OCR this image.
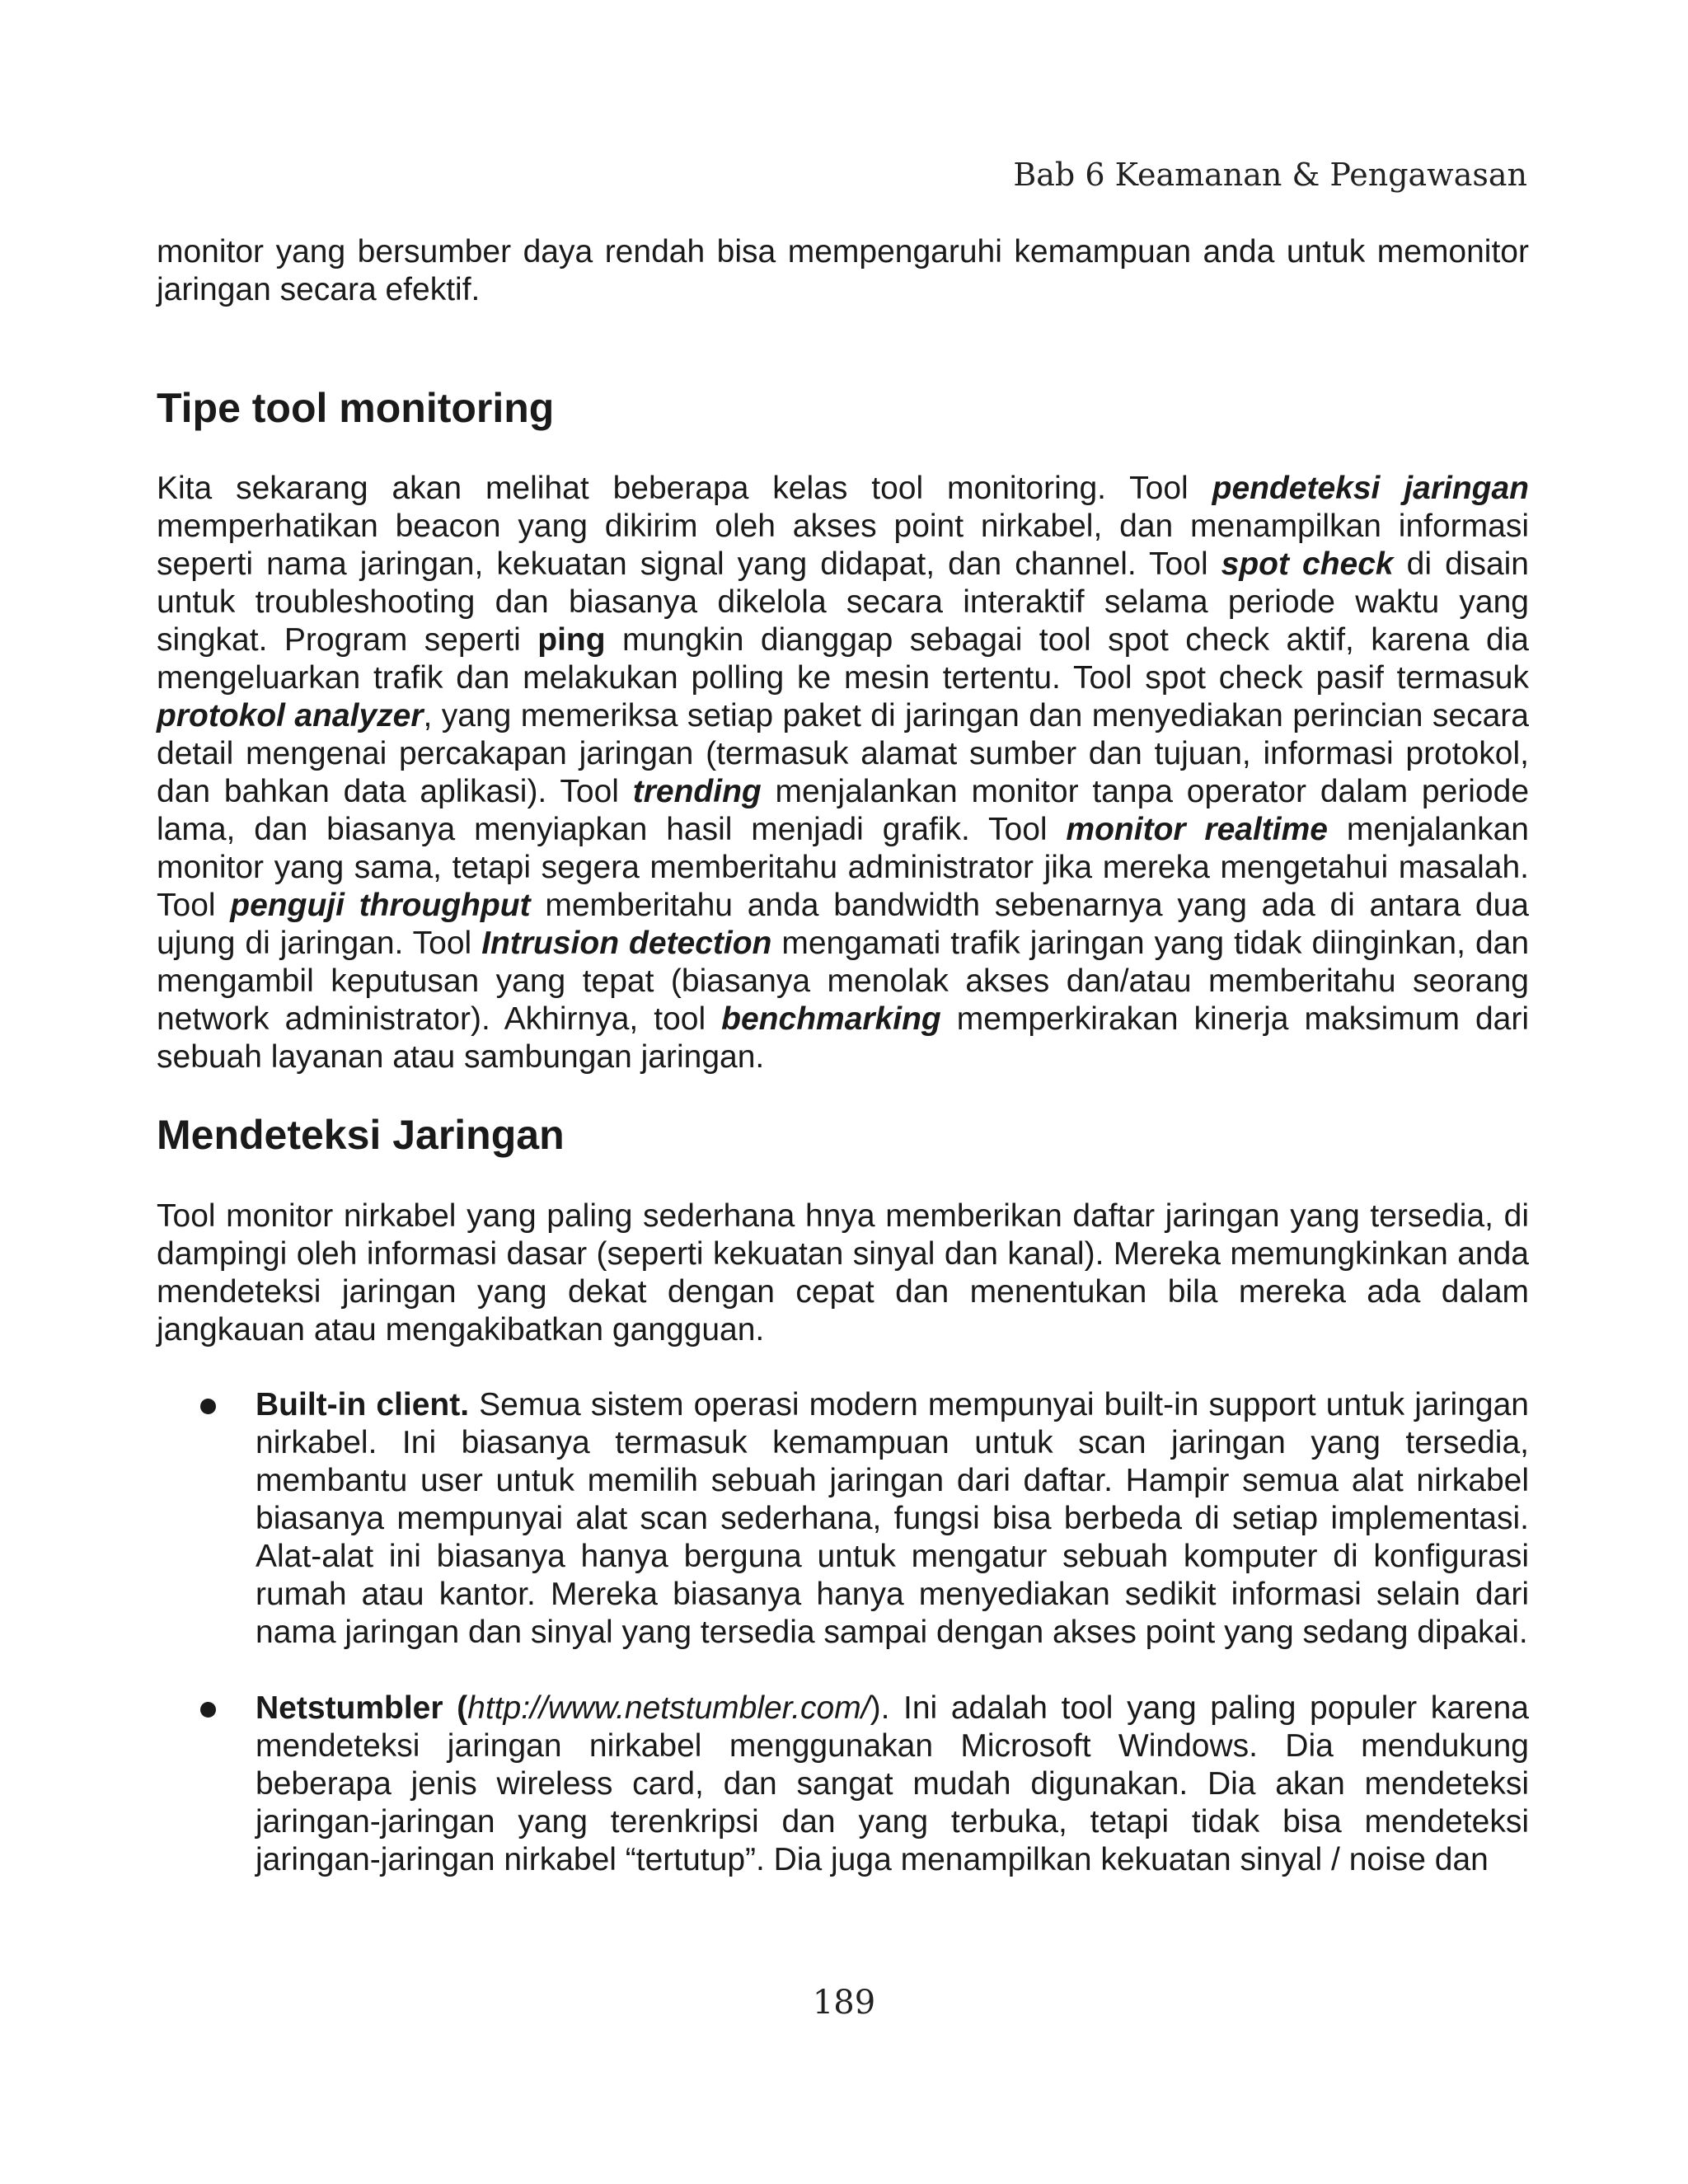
Bab 6 Keamanan & Pengawasan

monitor yang bersumber daya rendah bisa mempengaruhi kemampuan anda untuk memonitor jaringan secara efektif.

Tipe tool monitoring

Kita sekarang akan melihat beberapa kelas tool monitoring. Tool pendeteksi jaringan memperhatikan beacon yang dikirim oleh akses point nirkabel, dan menampilkan informasi seperti nama jaringan, kekuatan signal yang didapat, dan channel. Tool spot check di disain untuk troubleshooting dan biasanya dikelola secara interaktif selama periode waktu yang singkat. Program seperti ping mungkin dianggap sebagai tool spot check aktif, karena dia mengeluarkan trafik dan melakukan polling ke mesin tertentu. Tool spot check pasif termasuk protokol analyzer, yang memeriksa setiap paket di jaringan dan menyediakan perincian secara detail mengenai percakapan jaringan (termasuk alamat sumber dan tujuan, informasi protokol, dan bahkan data aplikasi). Tool trending menjalankan monitor tanpa operator dalam periode lama, dan biasanya menyiapkan hasil menjadi grafik. Tool monitor realtime menjalankan monitor yang sama, tetapi segera memberitahu administrator jika mereka mengetahui masalah. Tool penguji throughput memberitahu anda bandwidth sebenarnya yang ada di antara dua ujung di jaringan. Tool Intrusion detection mengamati trafik jaringan yang tidak diinginkan, dan mengambil keputusan yang tepat (biasanya menolak akses dan/atau memberitahu seorang network administrator). Akhirnya, tool benchmarking memperkirakan kinerja maksimum dari sebuah layanan atau sambungan jaringan.

Mendeteksi Jaringan

Tool monitor nirkabel yang paling sederhana hnya memberikan daftar jaringan yang tersedia, di dampingi oleh informasi dasar (seperti kekuatan sinyal dan kanal). Mereka memungkinkan anda mendeteksi jaringan yang dekat dengan cepat dan menentukan bila mereka ada dalam jangkauan atau mengakibatkan gangguan.

Built-in client. Semua sistem operasi modern mempunyai built-in support untuk jaringan nirkabel. Ini biasanya termasuk kemampuan untuk scan jaringan yang tersedia, membantu user untuk memilih sebuah jaringan dari daftar. Hampir semua alat nirkabel biasanya mempunyai alat scan sederhana, fungsi bisa berbeda di setiap implementasi. Alat-alat ini biasanya hanya berguna untuk mengatur sebuah komputer di konfigurasi rumah atau kantor. Mereka biasanya hanya menyediakan sedikit informasi selain dari nama jaringan dan sinyal yang tersedia sampai dengan akses point yang sedang dipakai.
Netstumbler (http://www.netstumbler.com/). Ini adalah tool yang paling populer karena mendeteksi jaringan nirkabel menggunakan Microsoft Windows. Dia mendukung beberapa jenis wireless card, dan sangat mudah digunakan. Dia akan mendeteksi jaringan-jaringan yang terenkripsi dan yang terbuka, tetapi tidak bisa mendeteksi jaringan-jaringan nirkabel “tertutup”. Dia juga menampilkan kekuatan sinyal / noise dan
189
